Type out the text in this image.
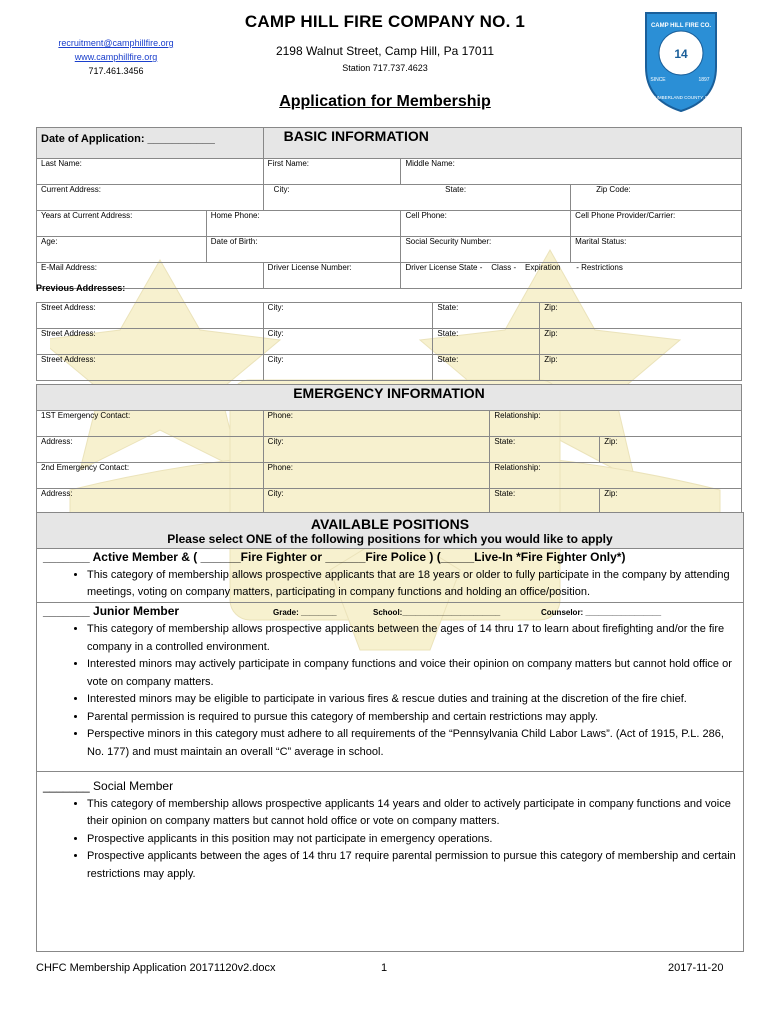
recruitment@camphillfire.org
www.camphillfire.org
717.461.3456
CAMP HILL FIRE COMPANY NO. 1
2198 Walnut Street, Camp Hill, Pa 17011
Station 717.737.4623
Application for Membership
CAMP HILL FIRE CO.
14
SINCE	1897
CUMBERLAND COUNTY, PA
Date of Application: ___________		BASIC INFORMATION		
Last Name:		First Name:	Middle Name:	
Current Address:		City:		State: Zip Code:
Years at Current Address:	Home Phone:		Cell Phone:	Cell Phone Provider/Carrier:
Age:	Date of Birth:		Social Security Number:	Marital Status:
E-Mail Address:		Driver License Number:	Driver License State - Class - Expiration - Restrictions	
Previous Addresses:
Street Address:	City:	State:	Zip:
Street Address:	City:	State:	Zip:
Street Address:	City:	State:	Zip:
EMERGENCY INFORMATION			
1ST Emergency Contact:	Phone:	Relationship:	
Address:	City:	State:	Zip:
2nd Emergency Contact:	Phone:	Relationship:	
Address:	City:	State:	Zip:
AVAILABLE POSITIONS
Please select ONE of the following positions for which you would like to apply
_______ Active Member & ( ______Fire Fighter or ______Fire Police ) (_____Live-In *Fire Fighter Only*)
• This category of membership allows prospective applicants that are 18 years or older to fully participate in the company by attending meetings, voting on company matters, participating in company functions and holding an office/position.
_______ Junior Member	Grade: ________	School:______________________	Counselor: _________________
• This category of membership allows prospective applicants between the ages of 14 thru 17 to learn about firefighting and/or the fire company in a controlled environment.
• Interested minors may actively participate in company functions and voice their opinion on company matters but cannot hold office or vote on company matters.
• Interested minors may be eligible to participate in various fires & rescue duties and training at the discretion of the fire chief.
• Parental permission is required to pursue this category of membership and certain restrictions may apply.
• Perspective minors in this category must adhere to all requirements of the “Pennsylvania Child Labor Laws”. (Act of 1915, P.L. 286, No. 177) and must maintain an overall “C” average in school.
_______ Social Member
• This category of membership allows prospective applicants 14 years and older to actively participate in company functions and voice their opinion on company matters but cannot hold office or vote on company matters.
• Prospective applicants in this position may not participate in emergency operations.
• Prospective applicants between the ages of 14 thru 17 require parental permission to pursue this category of membership and certain restrictions may apply.
CHFC Membership Application 20171120v2.docx	1	2017-11-20
